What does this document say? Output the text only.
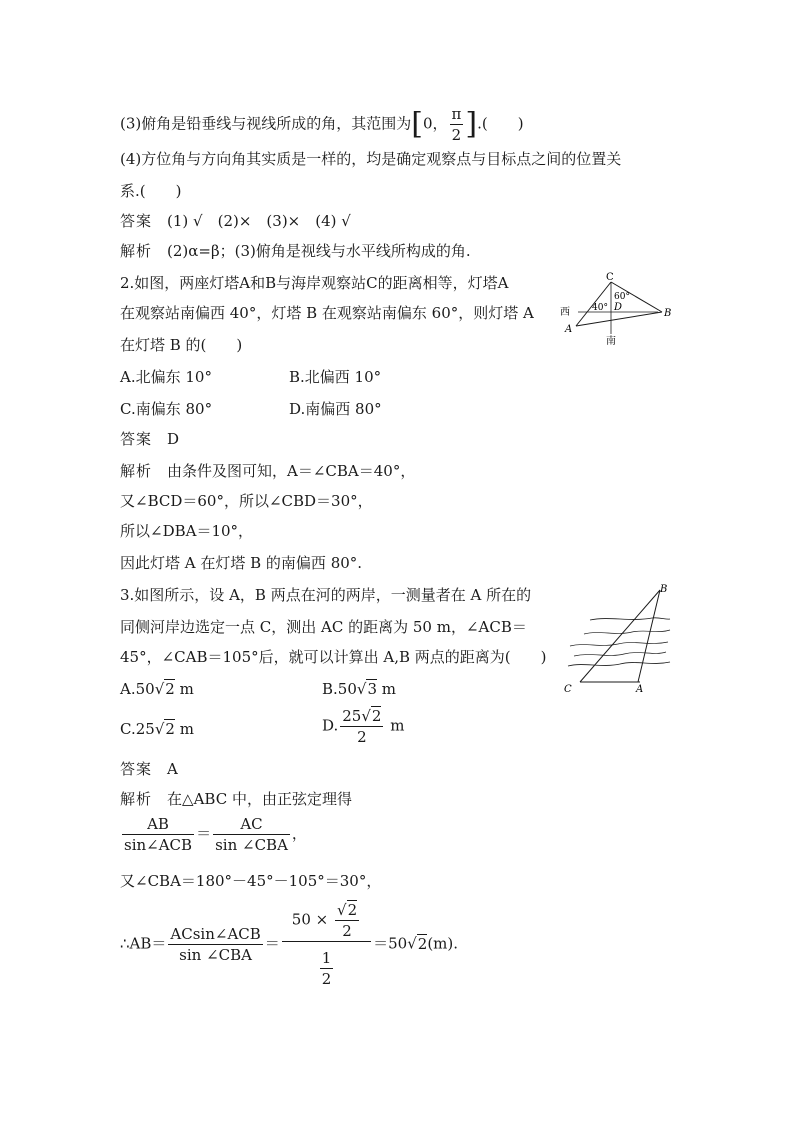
(3)俯角是铅垂线与视线所成的角，其范围为[0， $\frac{\pi}{2}$ ].(　　)
(4)方位角与方向角其实质是一样的，均是确定观察点与目标点之间的位置关
系.(　　)
答案　 (1) √　(2)×　(3)×　(4) √
解析　 (2)α=β；(3)俯角是视线与水平线所构成的角.
2.如图，两座灯塔A和B与海岸观察站C的距离相等，灯塔A
在观察站南偏西 40°，灯塔 B 在观察站南偏东 60°，则灯塔 A
在灯塔 B 的(　　)
C
A
B
D
西
南
40°
60°
A.北偏东 10°	B.北偏西 10°
C.南偏东 80°	D.南偏西 80°
答案　 D
解析　 由条件及图可知，A＝∠CBA＝40°，
又∠BCD＝60°，所以∠CBD＝30°，
所以∠DBA＝10°，
因此灯塔 A 在灯塔 B 的南偏西 80°.
3.如图所示，设 A，B 两点在河的两岸，一测量者在 A 所在的
同侧河岸边选定一点 C，测出 AC 的距离为 50 m，∠ACB＝
45°，∠CAB＝105°后，就可以计算出 A,B 两点的距离为(　　)
B
C	A
A.50√2 m	B.50√3 m
C.25√2 m	D. $\frac{25√2}{2}$ m
答案　 A
解析　 在△ABC 中，由正弦定理得
$\frac{AB}{\text{sin∠ACB}} = \frac{AC}{\text{sin ∠CBA}}$ ，
又∠CBA＝180°－45°－105°＝30°，
∴AB＝ $\frac{\text{ACsin∠ACB}}{\text{sin ∠CBA}} = \frac{50 \times \frac{√2}{2}}{\frac{1}{2}} =50√2(m)$.
